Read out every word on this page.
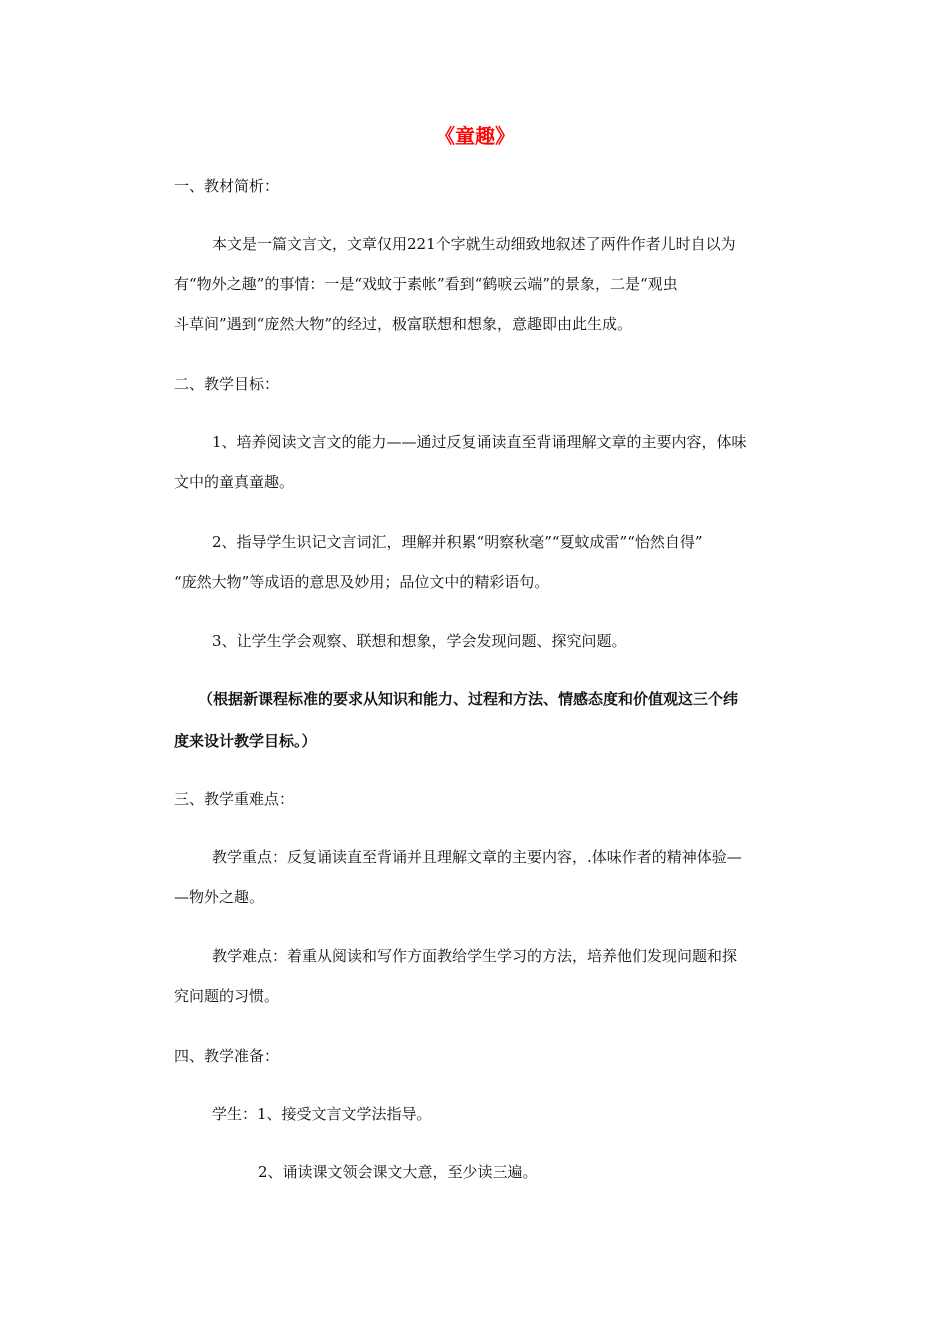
《童趣》

一、教材简析：

本文是一篇文言文，文章仅用221个字就生动细致地叙述了两件作者儿时自以为

有“物外之趣”的事情：一是“戏蚊于素帐”看到“鹤唳云端”的景象，二是“观虫

斗草间”遇到“庞然大物”的经过，极富联想和想象，意趣即由此生成。

二、教学目标：

1、培养阅读文言文的能力——通过反复诵读直至背诵理解文章的主要内容，体味

文中的童真童趣。

2、指导学生识记文言词汇，理解并积累“明察秋毫”“夏蚊成雷”“怡然自得”

“庞然大物”等成语的意思及妙用；品位文中的精彩语句。

3、让学生学会观察、联想和想象，学会发现问题、探究问题。

（根据新课程标准的要求从知识和能力、过程和方法、情感态度和价值观这三个纬

度来设计教学目标。）

三、教学重难点：

教学重点：反复诵读直至背诵并且理解文章的主要内容，.体味作者的精神体验—

—物外之趣。

教学难点：着重从阅读和写作方面教给学生学习的方法，培养他们发现问题和探

究问题的习惯。

四、教学准备：

学生：1、接受文言文学法指导。

2、诵读课文领会课文大意，至少读三遍。
